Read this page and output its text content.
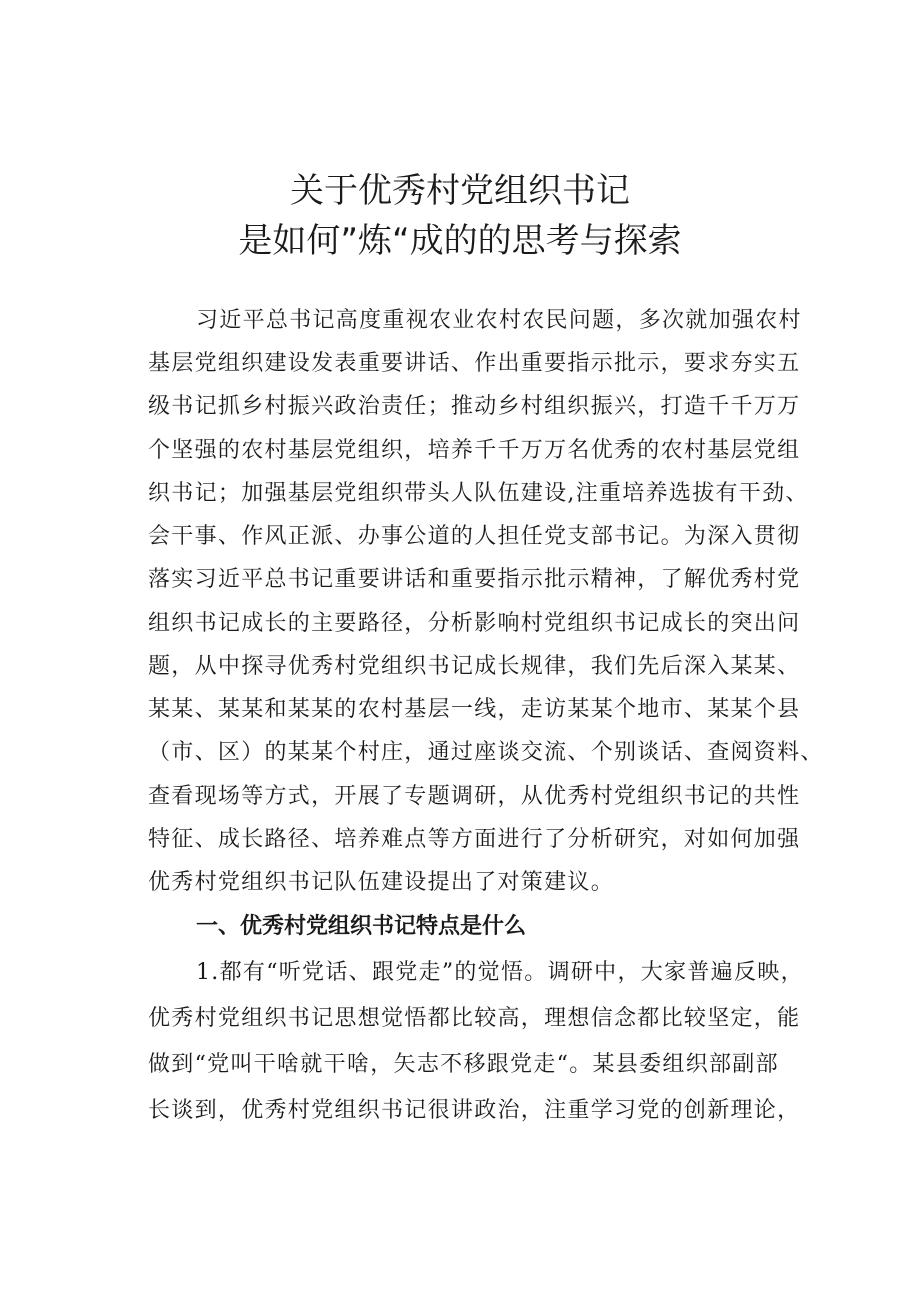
关于优秀村党组织书记
是如何”炼“成的的思考与探索
习近平总书记高度重视农业农村农民问题，多次就加强农村
基层党组织建设发表重要讲话、作出重要指示批示，要求夯实五
级书记抓乡村振兴政治责任；推动乡村组织振兴，打造千千万万
个坚强的农村基层党组织，培养千千万万名优秀的农村基层党组
织书记；加强基层党组织带头人队伍建设,注重培养选拔有干劲、
会干事、作风正派、办事公道的人担任党支部书记。为深入贯彻
落实习近平总书记重要讲话和重要指示批示精神，了解优秀村党
组织书记成长的主要路径，分析影响村党组织书记成长的突出问
题，从中探寻优秀村党组织书记成长规律，我们先后深入某某、
某某、某某和某某的农村基层一线，走访某某个地市、某某个县
（市、区）的某某个村庄，通过座谈交流、个别谈话、查阅资料、
查看现场等方式，开展了专题调研，从优秀村党组织书记的共性
特征、成长路径、培养难点等方面进行了分析研究，对如何加强
优秀村党组织书记队伍建设提出了对策建议。
一、优秀村党组织书记特点是什么
1.都有“听党话、跟党走”的觉悟。调研中，大家普遍反映，
优秀村党组织书记思想觉悟都比较高，理想信念都比较坚定，能
做到“党叫干啥就干啥，矢志不移跟党走“。某县委组织部副部
长谈到，优秀村党组织书记很讲政治，注重学习党的创新理论，
